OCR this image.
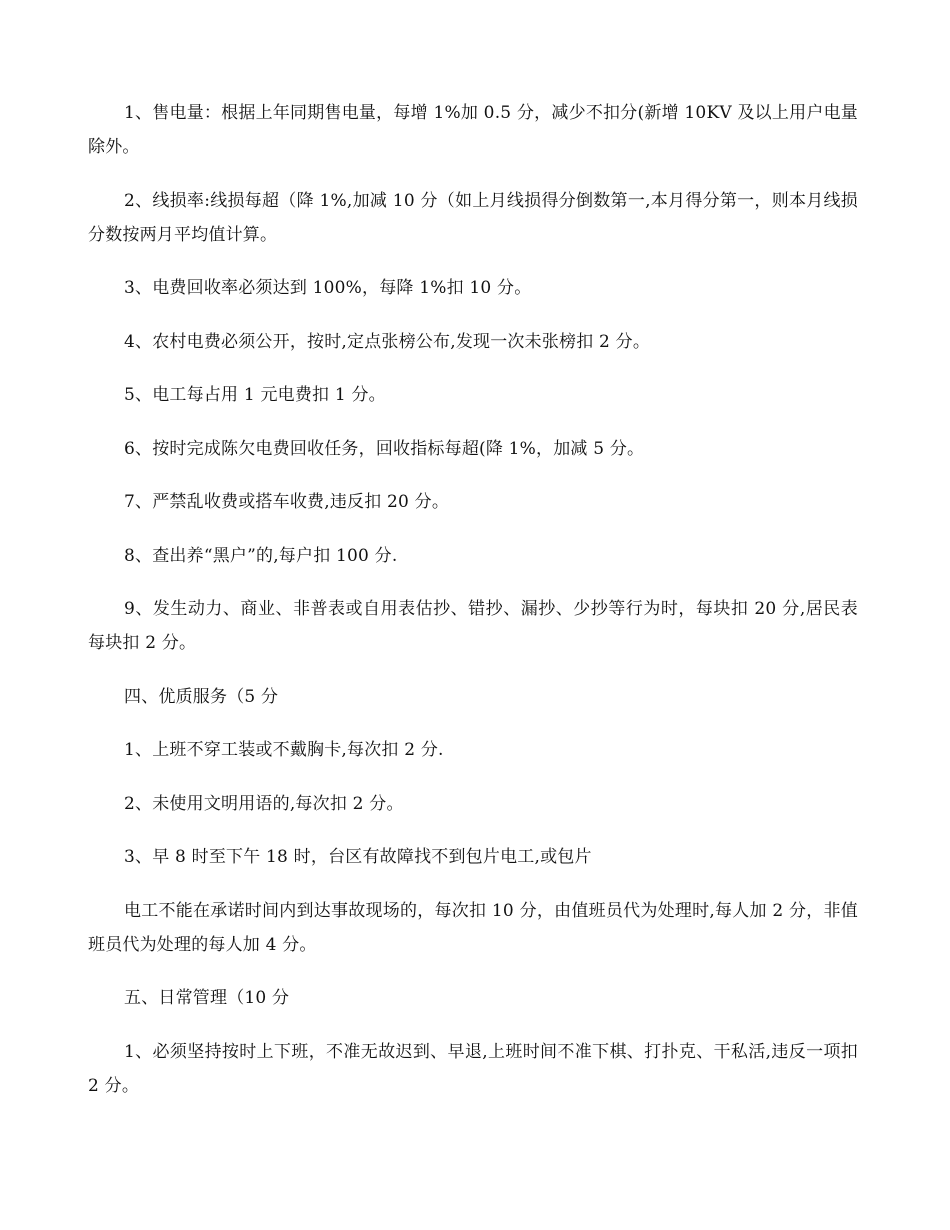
1、售电量：根据上年同期售电量，每增 1%加 0.5 分，减少不扣分(新增 10KV 及以上用户电量除外。

2、线损率:线损每超（降 1%,加减 10 分（如上月线损得分倒数第一,本月得分第一，则本月线损分数按两月平均值计算。

3、电费回收率必须达到 100%，每降 1%扣 10 分。

4、农村电费必须公开，按时,定点张榜公布,发现一次未张榜扣 2 分。

5、电工每占用 1 元电费扣 1 分。

6、按时完成陈欠电费回收任务，回收指标每超(降 1%，加减 5 分。

7、严禁乱收费或搭车收费,违反扣 20 分。

8、查出养“黑户”的,每户扣 100 分.

9、发生动力、商业、非普表或自用表估抄、错抄、漏抄、少抄等行为时，每块扣 20 分,居民表每块扣 2 分。

四、优质服务（5 分

1、上班不穿工装或不戴胸卡,每次扣 2 分.

2、未使用文明用语的,每次扣 2 分。

3、早 8 时至下午 18 时，台区有故障找不到包片电工,或包片

电工不能在承诺时间内到达事故现场的，每次扣 10 分，由值班员代为处理时,每人加 2 分，非值班员代为处理的每人加 4 分。

五、日常管理（10 分

1、必须坚持按时上下班，不准无故迟到、早退,上班时间不准下棋、打扑克、干私活,违反一项扣 2 分。
